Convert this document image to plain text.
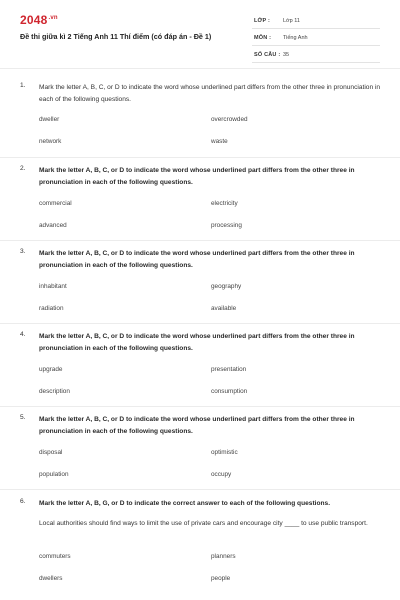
$2048^{.vn}$
Đề thi giữa kì 2 Tiếng Anh 11 Thí điểm (có đáp án - Đề 1)
LỚP : Lớp 11
MÔN : Tiếng Anh
SỐ CÂU : 35
1. Mark the letter A, B, C, or D to indicate the word whose underlined part differs from the other three in pronunciation in each of the following questions.
dweller	overcrowded
network	waste
2. Mark the letter A, B, C, or D to indicate the word whose underlined part differs from the other three in pronunciation in each of the following questions.
commercial	electricity
advanced	processing
3. Mark the letter A, B, C, or D to indicate the word whose underlined part differs from the other three in pronunciation in each of the following questions.
inhabitant	geography
radiation	available
4. Mark the letter A, B, C, or D to indicate the word whose underlined part differs from the other three in pronunciation in each of the following questions.
upgrade	presentation
description	consumption
5. Mark the letter A, B, C, or D to indicate the word whose underlined part differs from the other three in pronunciation in each of the following questions.
disposal	optimistic
population	occupy
6. Mark the letter A, B, G, or D to indicate the correct answer to each of the following questions.
Local authorities should find ways to limit the use of private cars and encourage city ____ to use public transport.
commuters	planners
dwellers	people
